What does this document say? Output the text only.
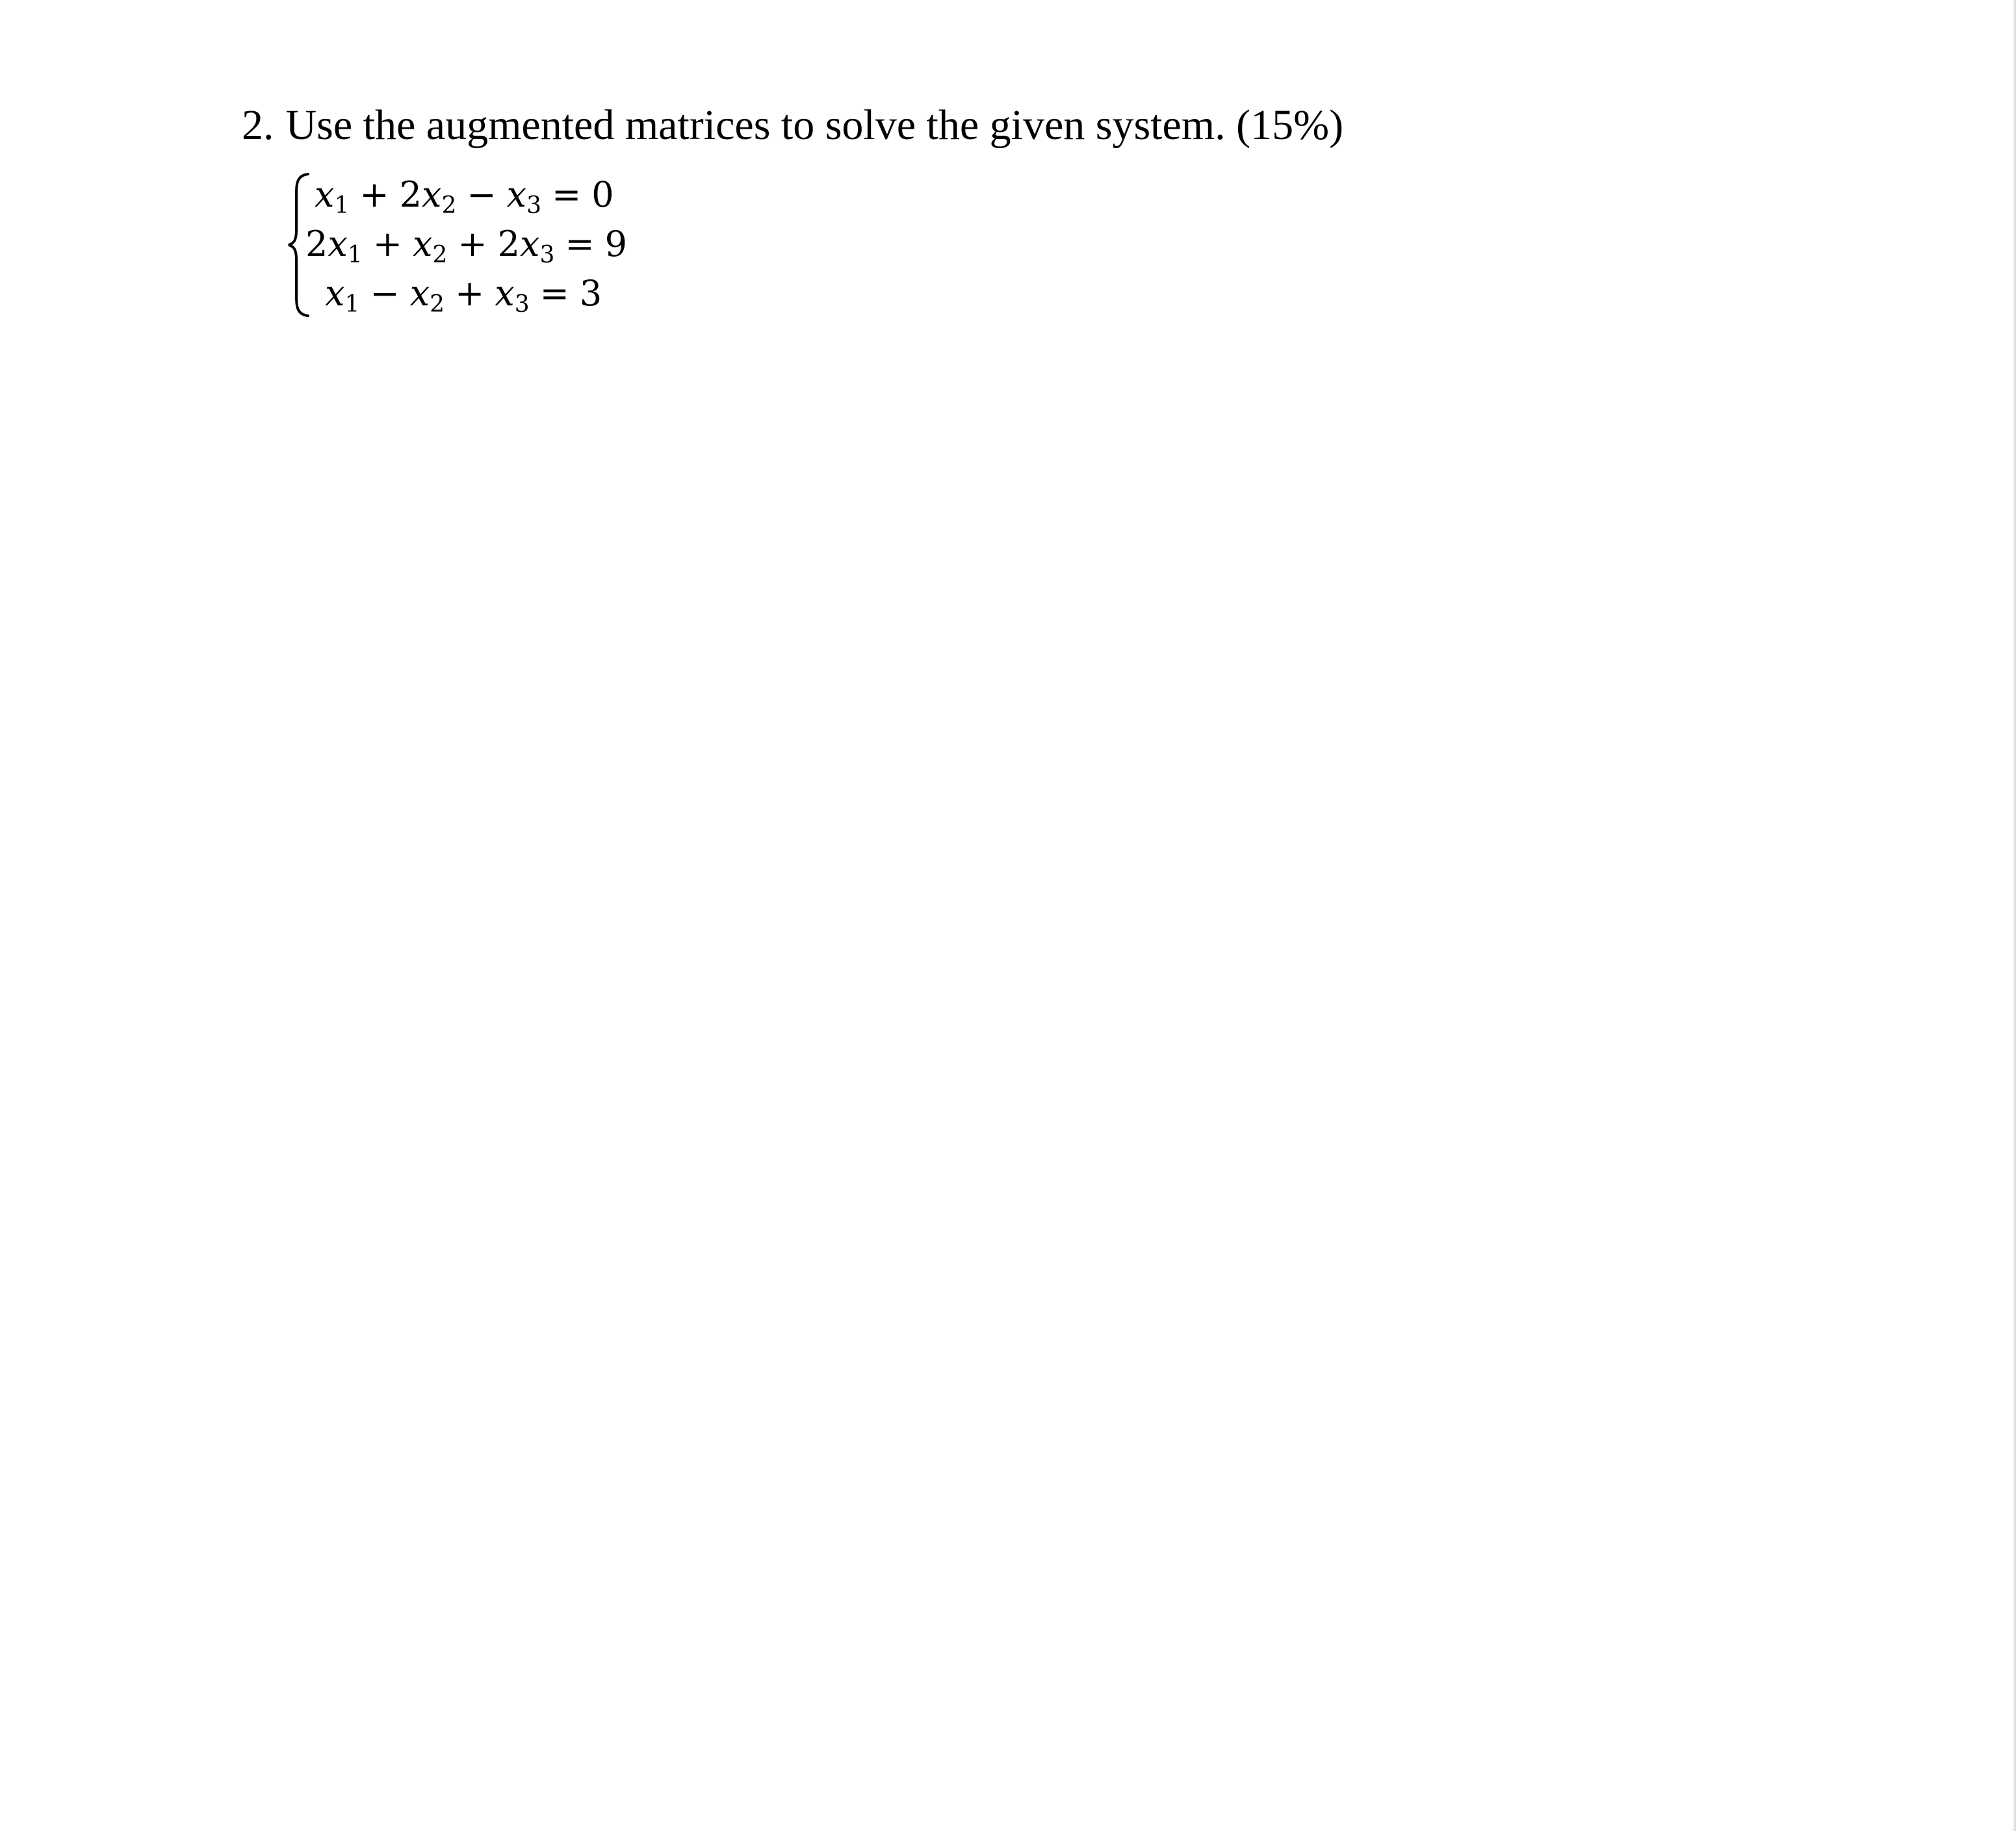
2. Use the augmented matrices to solve the given system. (15%)
$x_1 + 2x_2 - x_3 = 0$
$2x_1 + x_2 + 2x_3 = 9$
$x_1 - x_2 + x_3 = 3$
